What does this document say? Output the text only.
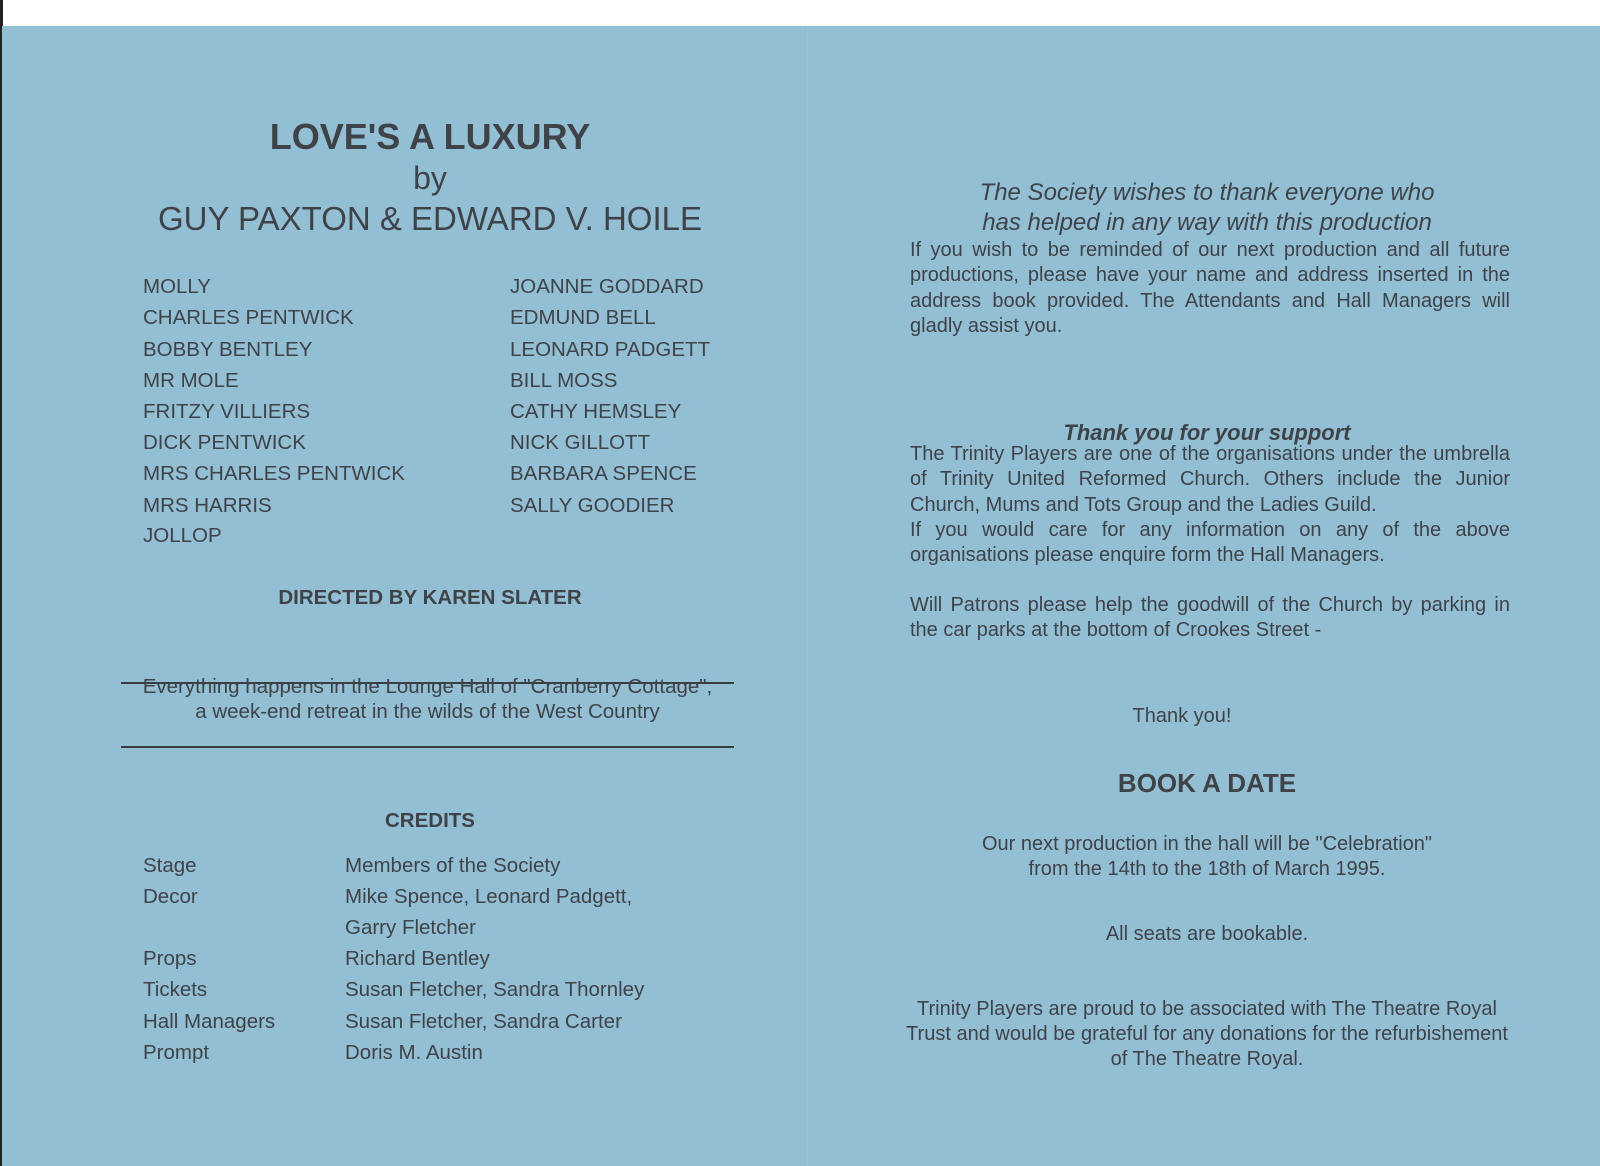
LOVE'S A LUXURY
by
GUY PAXTON & EDWARD V. HOILE
MOLLY	JOANNE GODDARD
CHARLES PENTWICK	EDMUND BELL
BOBBY BENTLEY	LEONARD PADGETT
MR MOLE	BILL MOSS
FRITZY VILLIERS	CATHY HEMSLEY
DICK PENTWICK	NICK GILLOTT
MRS CHARLES PENTWICK	BARBARA SPENCE
MRS HARRIS	SALLY GOODIER
JOLLOP
DIRECTED BY KAREN SLATER
Everything happens in the Lounge Hall of "Cranberry Cottage",
a week-end retreat in the wilds of the West Country
CREDITS
Stage	Members of the Society
Decor	Mike Spence, Leonard Padgett,
Garry Fletcher
Props	Richard Bentley
Tickets	Susan Fletcher, Sandra Thornley
Hall Managers	Susan Fletcher, Sandra Carter
Prompt	Doris M. Austin
The Society wishes to thank everyone who
has helped in any way with this production
If you wish to be reminded of our next production and all future productions, please have your name and address inserted in the address book provided. The Attendants and Hall Managers will gladly assist you.
Thank you for your support
The Trinity Players are one of the organisations under the umbrella of Trinity United Reformed Church. Others include the Junior Church, Mums and Tots Group and the Ladies Guild.
If you would care for any information on any of the above organisations please enquire form the Hall Managers.
Will Patrons please help the goodwill of the Church by parking in the car parks at the bottom of Crookes Street -
Thank you!
BOOK A DATE
Our next production in the hall will be "Celebration"
from the 14th to the 18th of March 1995.
All seats are bookable.
Trinity Players are proud to be associated with The Theatre Royal Trust and would be grateful for any donations for the refurbishement of The Theatre Royal.
